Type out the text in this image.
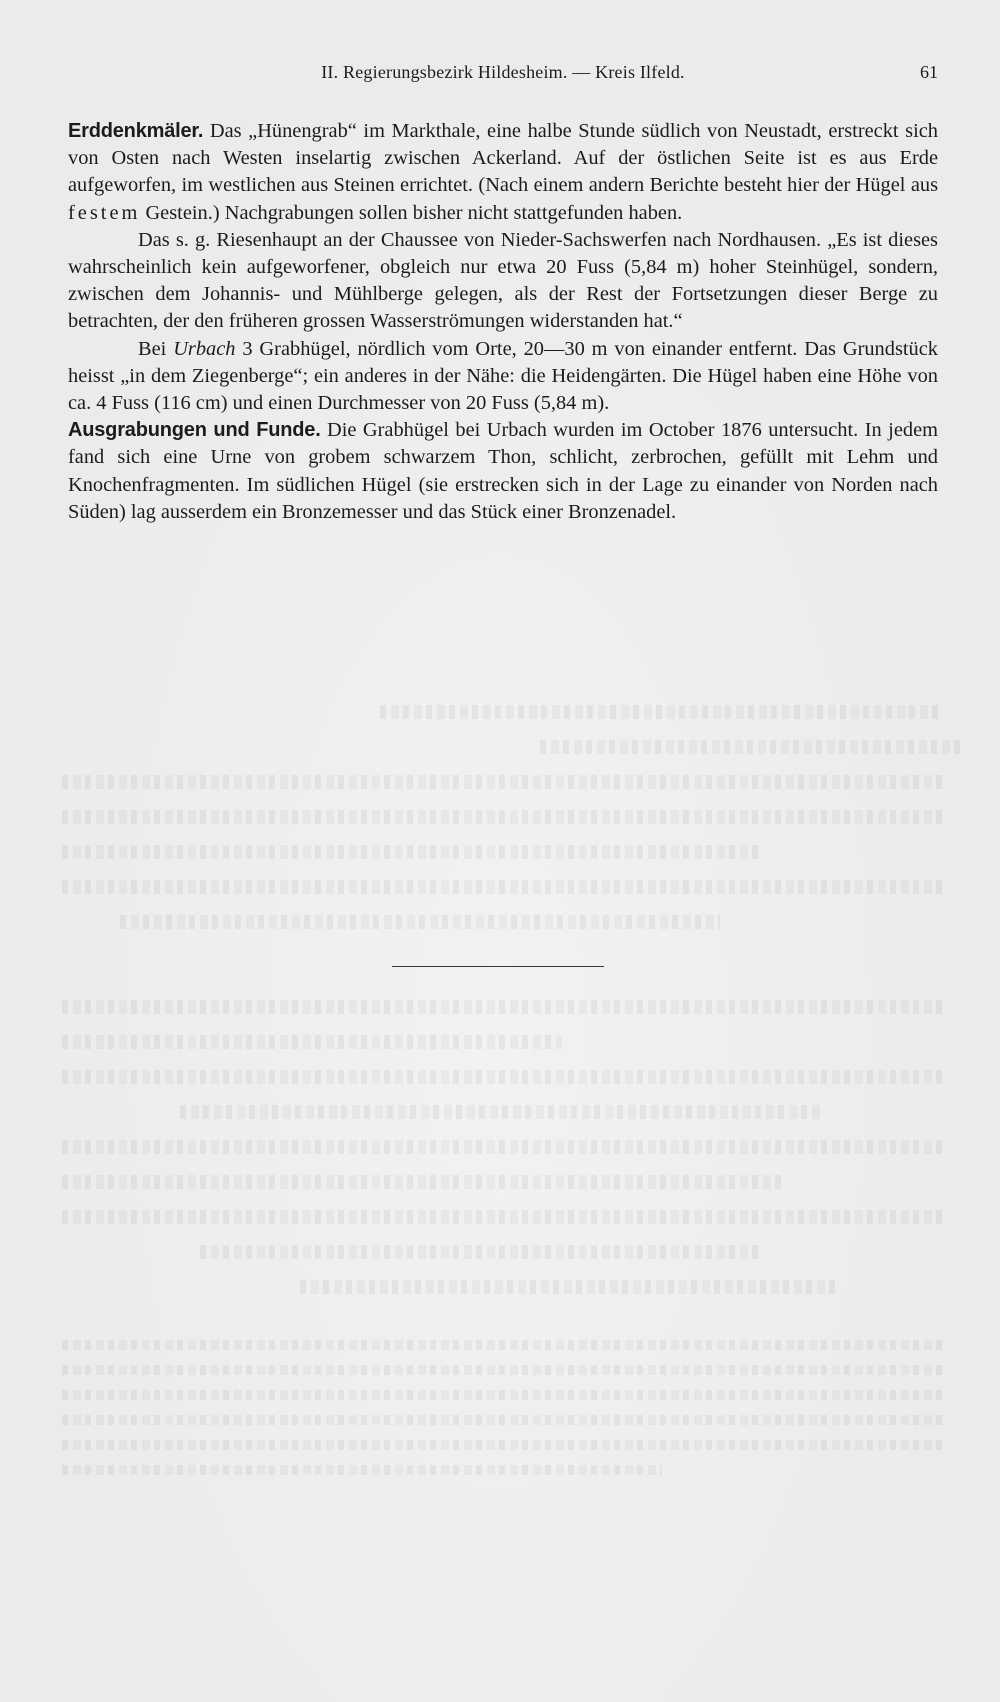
II. Regierungsbezirk Hildesheim. — Kreis Ilfeld.	61

Erddenkmäler. Das „Hünengrab“ im Markthale, eine halbe Stunde südlich von Neustadt, erstreckt sich von Osten nach Westen inselartig zwischen Ackerland. Auf der östlichen Seite ist es aus Erde aufgeworfen, im westlichen aus Steinen errichtet. (Nach einem andern Berichte besteht hier der Hügel aus festem Gestein.) Nachgrabungen sollen bisher nicht stattgefunden haben.

Das s. g. Riesenhaupt an der Chaussee von Nieder-Sachswerfen nach Nordhausen. „Es ist dieses wahrscheinlich kein aufgeworfener, obgleich nur etwa 20 Fuss (5,84 m) hoher Steinhügel, sondern, zwischen dem Johannis- und Mühlberge gelegen, als der Rest der Fortsetzungen dieser Berge zu betrachten, der den früheren grossen Wasserströmungen widerstanden hat.“

Bei Urbach 3 Grabhügel, nördlich vom Orte, 20—30 m von einander entfernt. Das Grundstück heisst „in dem Ziegenberge“; ein anderes in der Nähe: die Heidengärten. Die Hügel haben eine Höhe von ca. 4 Fuss (116 cm) und einen Durchmesser von 20 Fuss (5,84 m).

Ausgrabungen und Funde. Die Grabhügel bei Urbach wurden im October 1876 untersucht. In jedem fand sich eine Urne von grobem schwarzem Thon, schlicht, zerbrochen, gefüllt mit Lehm und Knochenfragmenten. Im südlichen Hügel (sie erstrecken sich in der Lage zu einander von Norden nach Süden) lag ausserdem ein Bronzemesser und das Stück einer Bronzenadel.
